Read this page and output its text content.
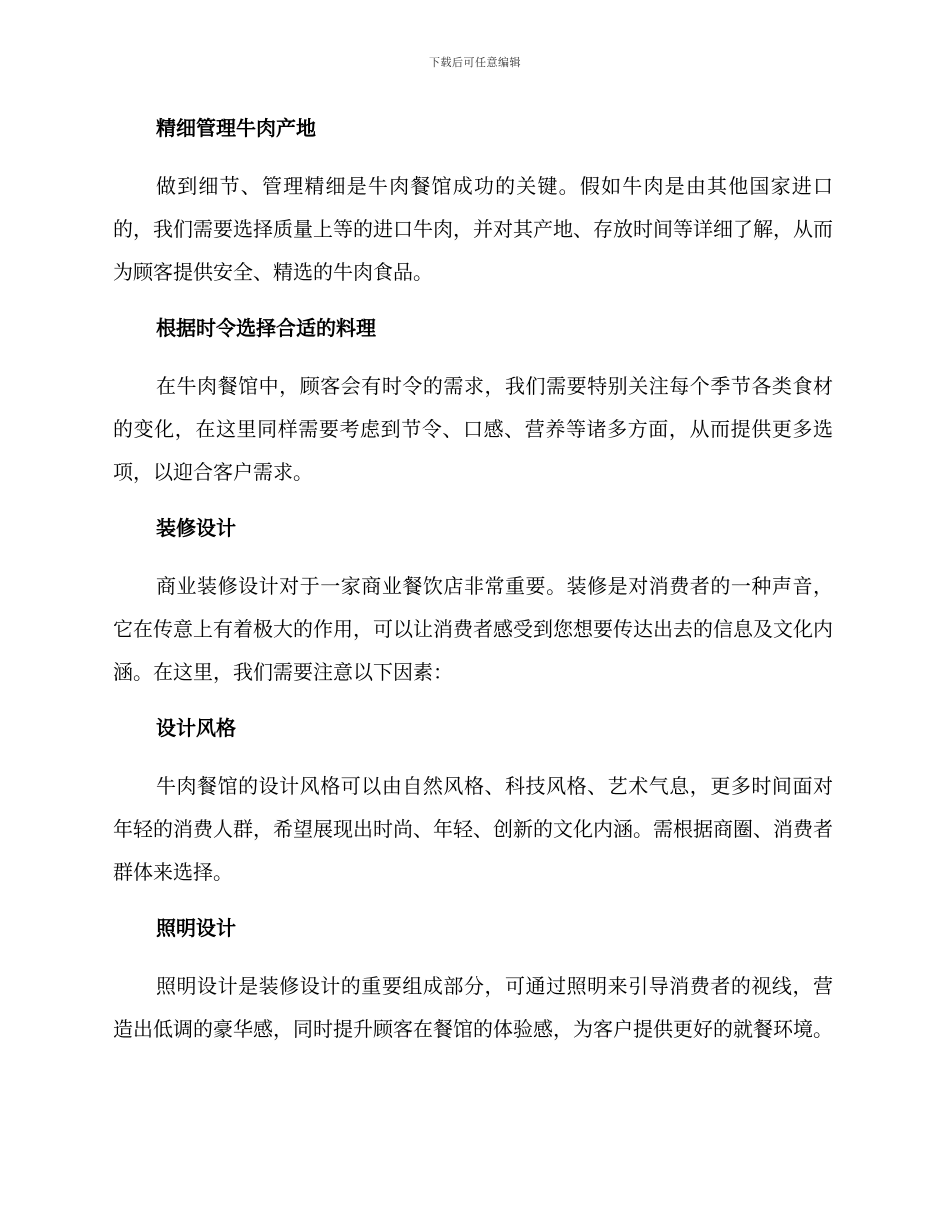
下载后可任意编辑
精细管理牛肉产地

做到细节、管理精细是牛肉餐馆成功的关键。假如牛肉是由其他国家进口的，我们需要选择质量上等的进口牛肉，并对其产地、存放时间等详细了解，从而为顾客提供安全、精选的牛肉食品。

根据时令选择合适的料理

在牛肉餐馆中，顾客会有时令的需求，我们需要特别关注每个季节各类食材的变化，在这里同样需要考虑到节令、口感、营养等诸多方面，从而提供更多选项，以迎合客户需求。

装修设计

商业装修设计对于一家商业餐饮店非常重要。装修是对消费者的一种声音，它在传意上有着极大的作用，可以让消费者感受到您想要传达出去的信息及文化内涵。在这里，我们需要注意以下因素：

设计风格

牛肉餐馆的设计风格可以由自然风格、科技风格、艺术气息，更多时间面对年轻的消费人群，希望展现出时尚、年轻、创新的文化内涵。需根据商圈、消费者群体来选择。

照明设计

照明设计是装修设计的重要组成部分，可通过照明来引导消费者的视线，营造出低调的豪华感，同时提升顾客在餐馆的体验感，为客户提供更好的就餐环境。
